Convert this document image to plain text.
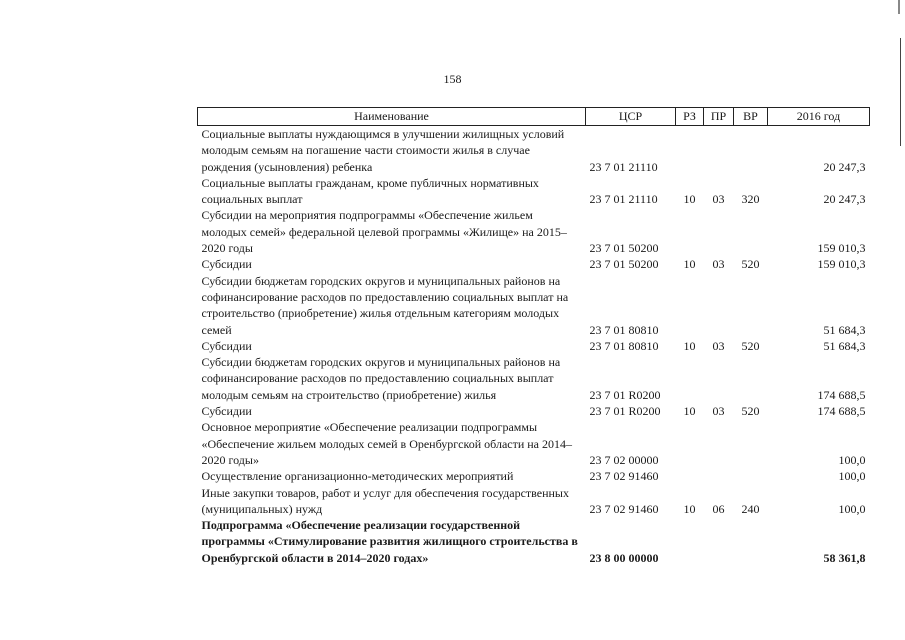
158
Наименование	ЦСР	РЗ	ПР	ВР	2016 год
Социальные выплаты нуждающимся в улучшении жилищных условий молодым семьям на погашение части стоимости жилья в случае рождения (усыновления) ребенка	23 7 01 21110				20 247,3
Социальные выплаты гражданам, кроме публичных нормативных социальных выплат	23 7 01 21110	10	03	320	20 247,3
Субсидии на мероприятия подпрограммы «Обеспечение жильем молодых семей» федеральной целевой программы «Жилище» на 2015–2020 годы	23 7 01 50200				159 010,3
Субсидии	23 7 01 50200	10	03	520	159 010,3
Субсидии бюджетам городских округов и муниципальных районов на софинансирование расходов по предоставлению социальных выплат на строительство (приобретение) жилья отдельным категориям молодых семей	23 7 01 80810				51 684,3
Субсидии	23 7 01 80810	10	03	520	51 684,3
Субсидии бюджетам городских округов и муниципальных районов на софинансирование расходов по предоставлению социальных выплат молодым семьям на строительство (приобретение) жилья	23 7 01 R0200				174 688,5
Субсидии	23 7 01 R0200	10	03	520	174 688,5
Основное мероприятие «Обеспечение реализации подпрограммы «Обеспечение жильем молодых семей в Оренбургской области на 2014–2020 годы»	23 7 02 00000				100,0
Осуществление организационно-методических мероприятий	23 7 02 91460				100,0
Иные закупки товаров, работ и услуг для обеспечения государственных (муниципальных) нужд	23 7 02 91460	10	06	240	100,0
Подпрограмма «Обеспечение реализации государственной программы «Стимулирование развития жилищного строительства в Оренбургской области в 2014–2020 годах»	23 8 00 00000				58 361,8
